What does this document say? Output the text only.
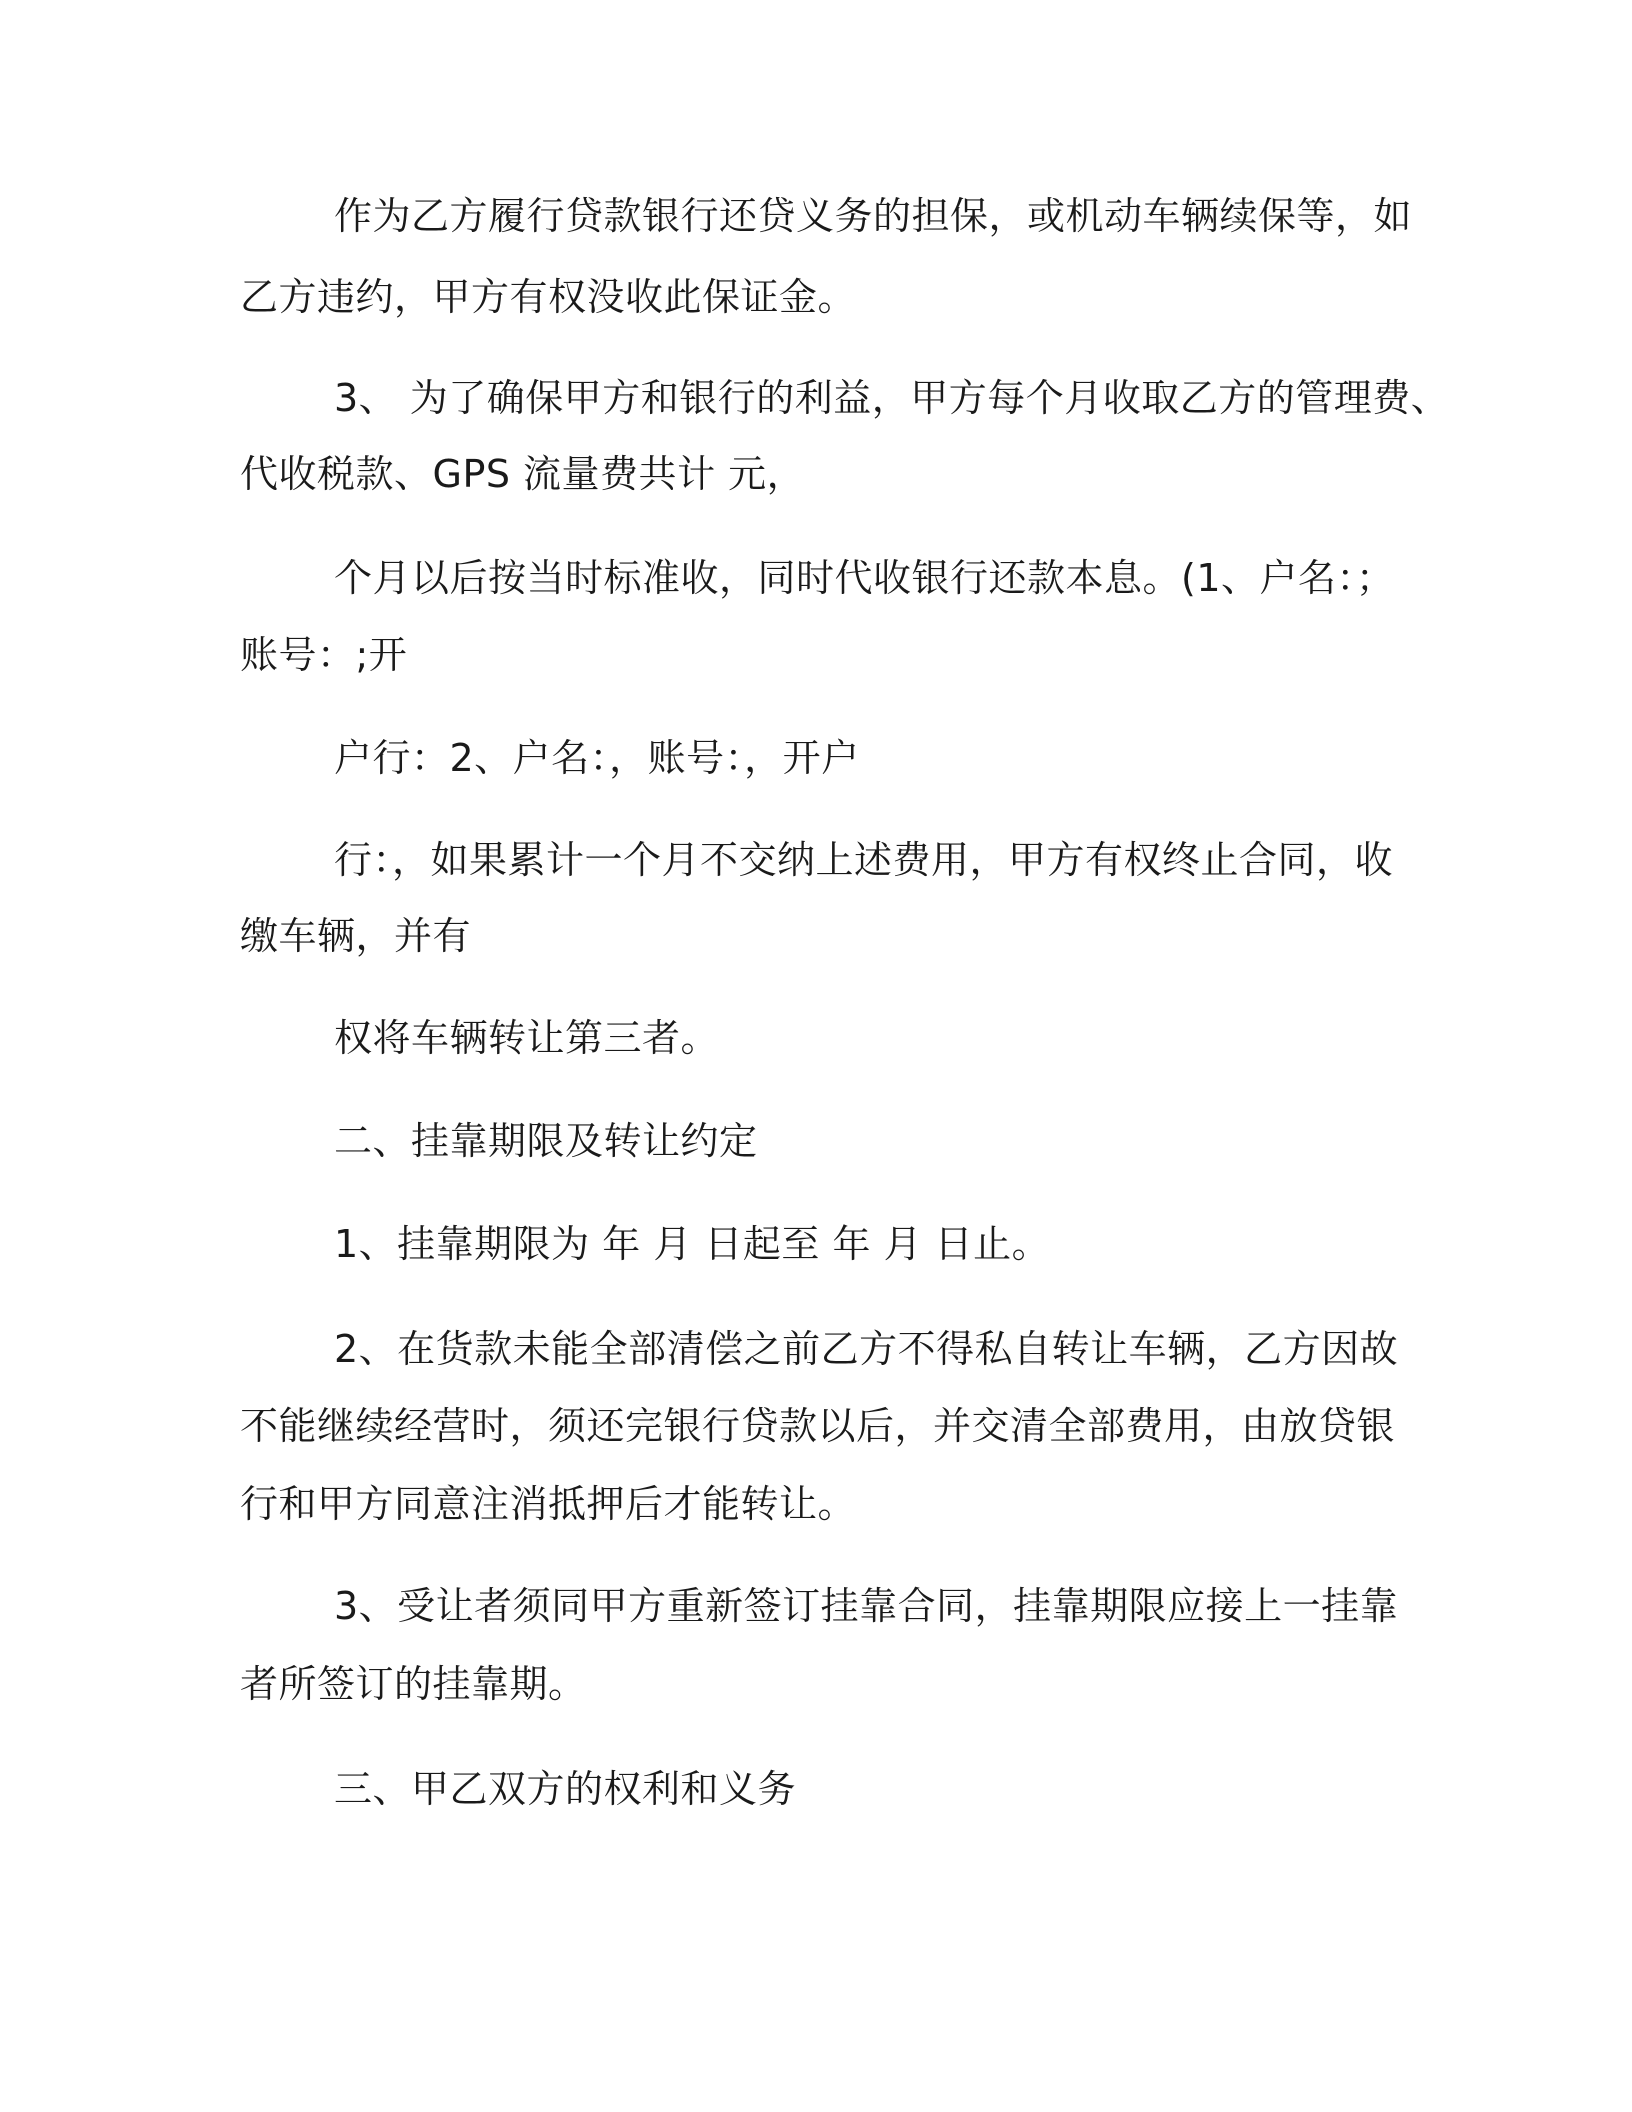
作为乙方履行贷款银行还贷义务的担保，或机动车辆续保等，如

乙方违约，甲方有权没收此保证金。

3、 为了确保甲方和银行的利益，甲方每个月收取乙方的管理费、

代收税款、GPS 流量费共计 元，

个月以后按当时标准收，同时代收银行还款本息。(1、户名：；

账号：;开

户行：2、户名：，账号：，开户

行：，如果累计一个月不交纳上述费用，甲方有权终止合同，收

缴车辆，并有

权将车辆转让第三者。

二、挂靠期限及转让约定

1、挂靠期限为 年 月 日起至 年 月 日止。

2、在货款未能全部清偿之前乙方不得私自转让车辆，乙方因故

不能继续经营时，须还完银行贷款以后，并交清全部费用，由放贷银

行和甲方同意注消抵押后才能转让。

3、受让者须同甲方重新签订挂靠合同，挂靠期限应接上一挂靠

者所签订的挂靠期。

三、甲乙双方的权利和义务
